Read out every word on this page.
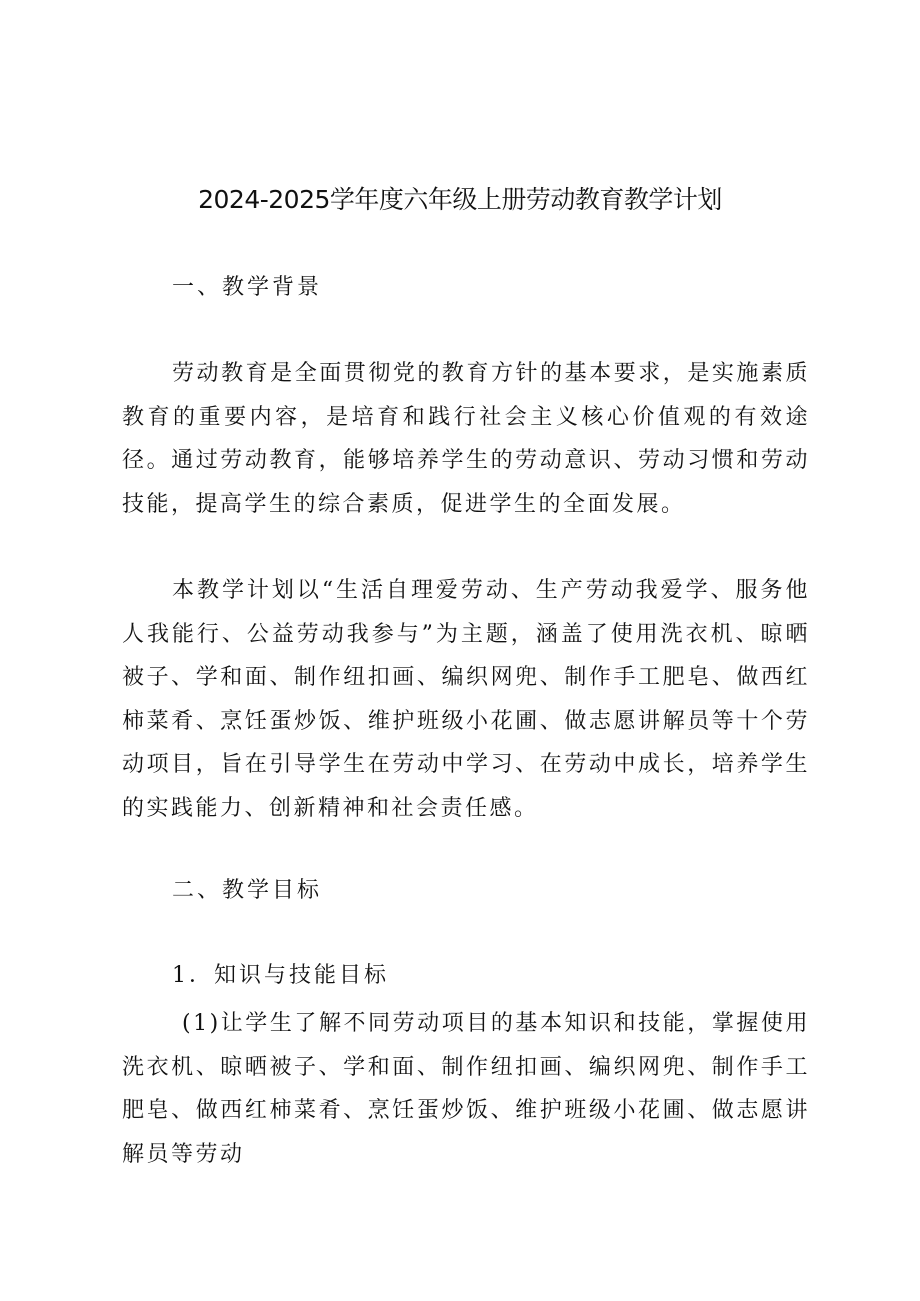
2024-2025学年度六年级上册劳动教育教学计划
一、教学背景

劳动教育是全面贯彻党的教育方针的基本要求，是实施素质教育的重要内容，是培育和践行社会主义核心价值观的有效途径。通过劳动教育，能够培养学生的劳动意识、劳动习惯和劳动技能，提高学生的综合素质，促进学生的全面发展。

本教学计划以“生活自理爱劳动、生产劳动我爱学、服务他人我能行、公益劳动我参与”为主题，涵盖了使用洗衣机、晾晒被子、学和面、制作纽扣画、编织网兜、制作手工肥皂、做西红柿菜肴、烹饪蛋炒饭、维护班级小花圃、做志愿讲解员等十个劳动项目，旨在引导学生在劳动中学习、在劳动中成长，培养学生的实践能力、创新精神和社会责任感。

二、教学目标
1．知识与技能目标

(1)让学生了解不同劳动项目的基本知识和技能，掌握使用洗衣机、晾晒被子、学和面、制作纽扣画、编织网兜、制作手工肥皂、做西红柿菜肴、烹饪蛋炒饭、维护班级小花圃、做志愿讲解员等劳动
